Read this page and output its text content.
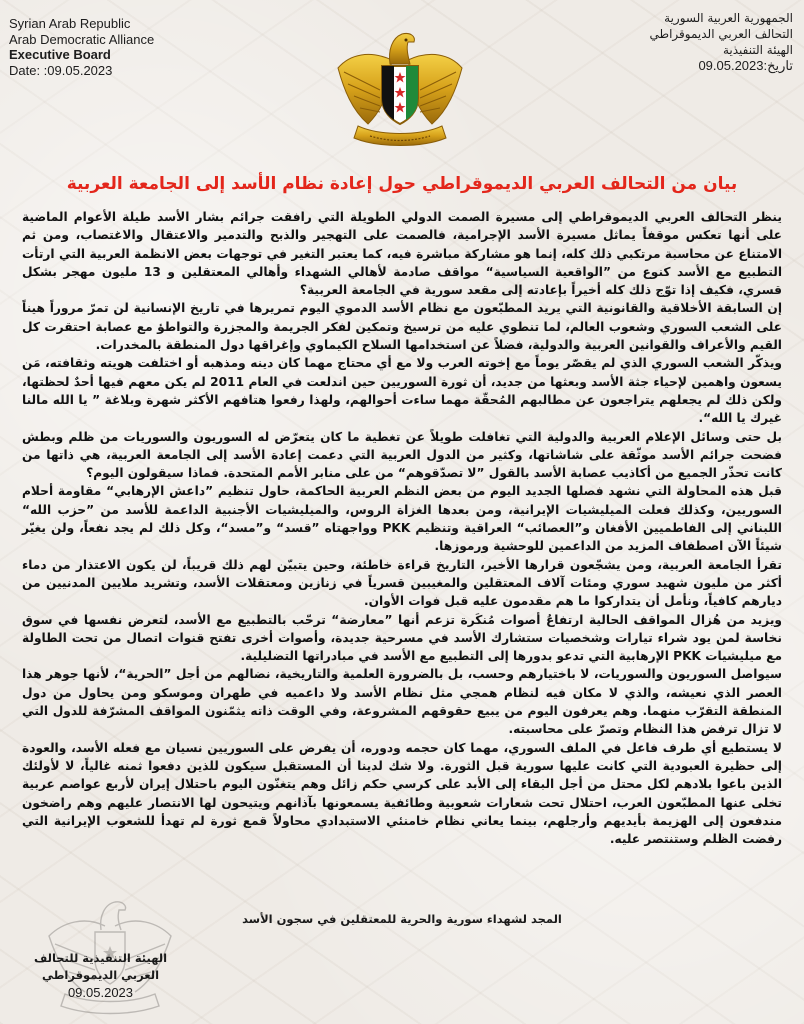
Syrian Arab Republic
Arab Democratic Alliance
Executive Board
Date: :09.05.2023
الجمهورية العربية السورية
التحالف العربي الديموقراطي
الهيئة التنفيذية
تاريخ:09.05.2023
بيان من التحالف العربي الديموقراطي حول إعادة نظام الأسد إلى الجامعة العربية

ينظر التحالف العربي الديموقراطي إلى مسيرة الصمت الدولي الطويلة التي رافقت جرائم بشار الأسد طيلة الأعوام الماضية على أنها تعكس موقفاً يماثل مسيرة الأسد الإجرامية، فالصمت على التهجير والذبح والتدمير والاعتقال والاغتصاب، ومن ثم الامتناع عن محاسبة مرتكبي ذلك كله، إنما هو مشاركة مباشرة فيه، كما يعتبر التغير في توجهات بعض الانظمة العربية التي ارتأت التطبيع مع الأسد كنوع من ”الواقعية السياسية“ مواقف صادمة لأهالي الشهداء وأهالي المعتقلين و 13 مليون مهجر بشكل قسري، فكيف إذا توّج ذلك كله أخيراً بإعادته إلى مقعد سورية في الجامعة العربية؟

إن السابقة الأخلاقية والقانونية التي يريد المطبّعون مع نظام الأسد الدموي اليوم تمريرها في تاريخ الإنسانية لن تمرّ مروراً هيناً على الشعب السوري وشعوب العالم، لما تنطوي عليه من ترسيخ وتمكين لفكر الجريمة والمجزرة والتواطؤ مع عصابة احتقرت كل القيم والأعراف والقوانين العربية والدولية، فضلاً عن استخدامها السلاح الكيماوي وإغراقها دول المنطقة بالمخدرات.

ويذكّر الشعب السوري الذي لم يقصّر يوماً مع إخوته العرب ولا مع أي محتاج مهما كان دينه ومذهبه أو اختلفت هويته وثقافته، مَن يسعون واهمين لإحياء جثة الأسد وبعثها من جديد، أن ثورة السوريين حين اندلعت في العام 2011 لم يكن معهم فيها أحدٌ لحظتها، ولكن ذلك لم يجعلهم يتراجعون عن مطالبهم المُحقّة مهما ساءت أحوالهم، ولهذا رفعوا هتافهم الأكثر شهرة وبلاغة ” يا الله مالنا غيرك يا الله“.

بل حتى وسائل الإعلام العربية والدولية التي تغافلت طويلاً عن تغطية ما كان يتعرّض له السوريون والسوريات من ظلم وبطش فضحت جرائم الأسد موثّقة على شاشاتها، وكثير من الدول العربية التي دعمت إعادة الأسد إلى الجامعة العربية، هي ذاتها من كانت تحذّر الجميع من أكاذيب عصابة الأسد بالقول ”لا تصدّقوهم“ من على منابر الأمم المتحدة. فماذا سيقولون اليوم؟

قبل هذه المحاولة التي نشهد فصلها الجديد اليوم من بعض النظم العربية الحاكمة، حاول تنظيم ”داعش الإرهابي“ مقاومة أحلام السوريين، وكذلك فعلت الميليشيات الإيرانية، ومن بعدها الغزاة الروس، والميليشيات الأجنبية الداعمة للأسد من ”حزب الله“ اللبناني إلى الفاطميين الأفغان و”العصائب“ العراقية وتنظيم PKK وواجهتاه ”قسد“ و”مسد“، وكل ذلك لم يجد نفعاً، ولن يغيّر شيئاً الآن اصطفاف المزيد من الداعمين للوحشية ورموزها.

تقرأ الجامعة العربية، ومن يشجّعون قرارها الأخير، التاريخ قراءة خاطئة، وحين يتبيّن لهم ذلك قريباً، لن يكون الاعتذار من دماء أكثر من مليون شهيد سوري ومئات آلاف المعتقلين والمغيبين قسرياً في زنازين ومعتقلات الأسد، وتشريد ملايين المدنيين من ديارهم كافياً، ونأمل أن يتداركوا ما هم مقدمون عليه قبل فوات الأوان.

ويزيد من هُزال المواقف الحالية ارتفاعُ أصوات مُنكَرة تزعم أنها ”معارضة“ ترحّب بالتطبيع مع الأسد، لتعرض نفسها في سوق نخاسة لمن يود شراء تيارات وشخصيات ستشارك الأسد في مسرحية جديدة، وأصوات أخرى تفتح قنوات اتصال من تحت الطاولة مع ميليشيات PKK الإرهابية التي تدعو بدورها إلى التطبيع مع الأسد في مبادراتها التضليلية.

سيواصل السوريون والسوريات، لا باختيارهم وحسب، بل بالضرورة العلمية والتاريخية، نضالهم من أجل ”الحرية“، لأنها جوهر هذا العصر الذي نعيشه، والذي لا مكان فيه لنظام همجي مثل نظام الأسد ولا داعميه في طهران وموسكو ومن يحاول من دول المنطقة التقرّب منهما. وهم يعرفون اليوم من يبيع حقوقهم المشروعة، وفي الوقت ذاته يثمّنون المواقف المشرّفة للدول التي لا تزال ترفض هذا النظام وتصرّ على محاسبته.

لا يستطيع أي طرف فاعل في الملف السوري، مهما كان حجمه ودوره، أن يفرض على السوريين نسيان مع فعله الأسد، والعودة إلى حظيرة العبودية التي كانت عليها سورية قبل الثورة. ولا شك لدينا أن المستقبل سيكون للذين دفعوا ثمنه غالياً، لا لأولئك الذين باعوا بلادهم لكل محتل من أجل البقاء إلى الأبد على كرسي حكم زائل وهم يتغنّون اليوم باحتلال إيران لأربع عواصم عربية تخلى عنها المطبّعون العرب، احتلال تحت شعارات شعوبية وطائفية يسمعونها بآذانهم ويتيحون لها الانتصار عليهم وهم راضخون مندفعون إلى الهزيمة بأيديهم وأرجلهم، بينما يعاني نظام خامنئي الاستبدادي محاولاً قمع ثورة لم تهدأ للشعوب الإيرانية التي رفضت الظلم وستنتصر عليه.

المجد لشهداء سورية والحرية للمعتقلين في سجون الأسد
الهيئة التنفيذية للتحالف العربي الديموقراطي
09.05.2023
